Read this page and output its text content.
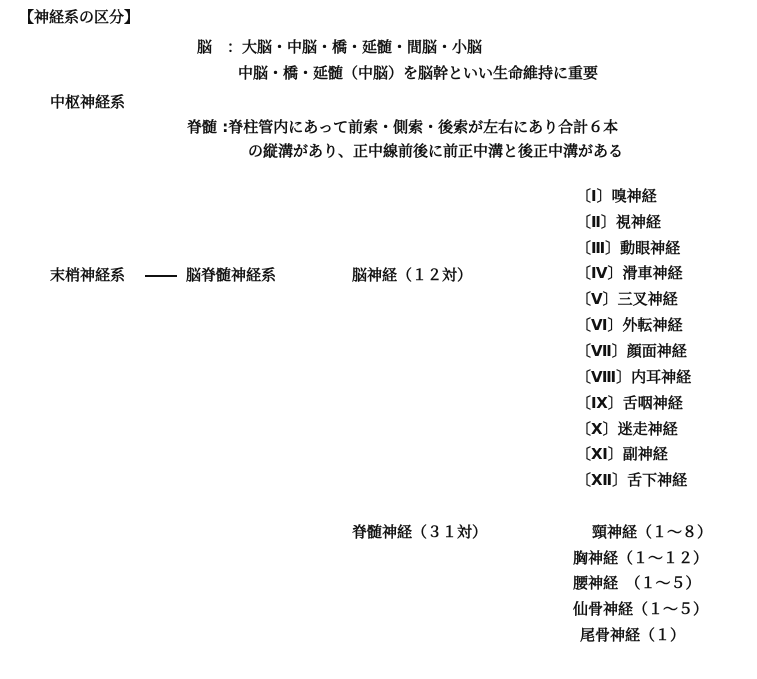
【神経系の区分】
中枢神経系
脳　：大脳・中脳・橋・延髄・間脳・小脳
中脳・橋・延髄（中脳）を脳幹といい生命維持に重要
脊髄 :脊柱管内にあって前索・側索・後索が左右にあり合計６本
の縦溝があり、正中線前後に前正中溝と後正中溝がある
末梢神経系	脳脊髄神経系	脳神経（１２対）
〔Ⅰ〕嗅神経
〔Ⅱ〕視神経
〔Ⅲ〕動眼神経
〔Ⅳ〕滑車神経
〔Ⅴ〕三叉神経
〔Ⅵ〕外転神経
〔Ⅶ〕顔面神経
〔Ⅷ〕内耳神経
〔Ⅸ〕舌咽神経
〔Ⅹ〕迷走神経
〔Ⅺ〕副神経
〔Ⅻ〕舌下神経
脊髄神経（３１対）	頸神経（１～８）
胸神経（１～１２）
腰神経　（１～５）
仙骨神経（１～５）
尾骨神経（１）
